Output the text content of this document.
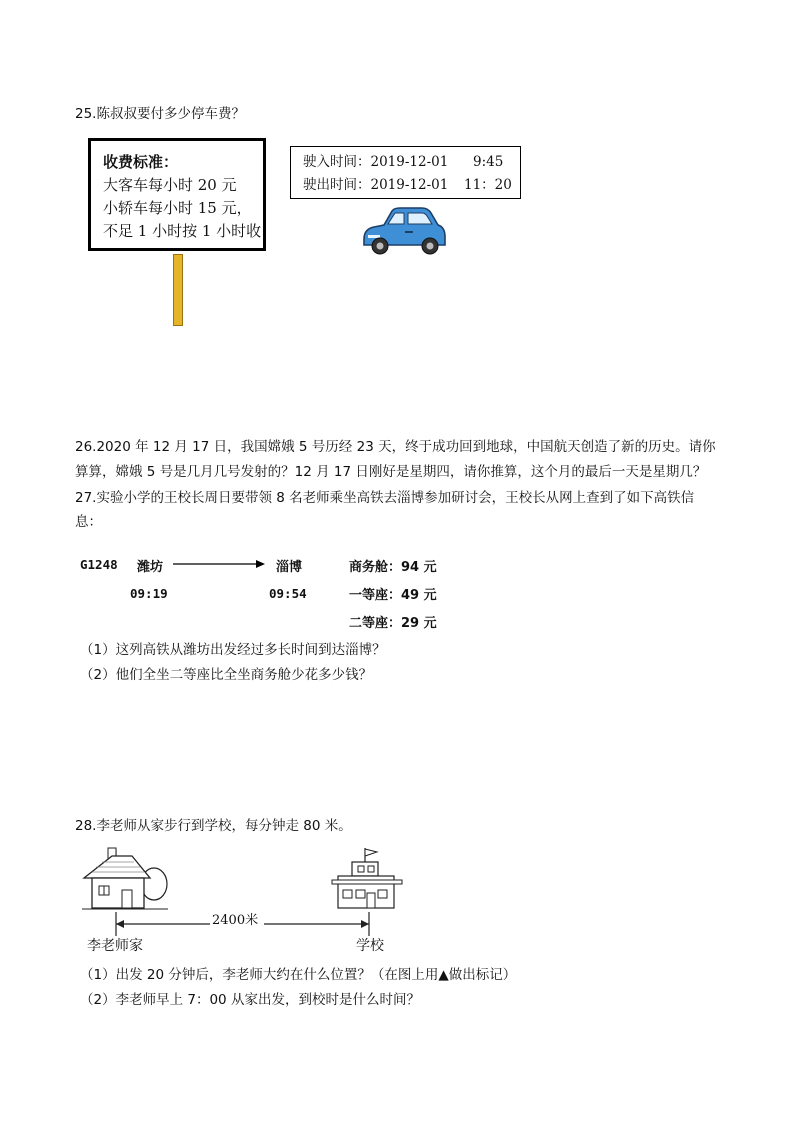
25.陈叔叔要付多少停车费？
收费标准：
大客车每小时 20 元
小轿车每小时 15 元，
不足 1 小时按 1 小时收
驶入时间：2019-12-01 9:45
驶出时间：2019-12-01 11：20
26.2020 年 12 月 17 日，我国嫦娥 5 号历经 23 天，终于成功回到地球，中国航天创造了新的历史。请你
算算，嫦娥 5 号是几月几号发射的？12 月 17 日刚好是星期四，请你推算，这个月的最后一天是星期几？
27.实验小学的王校长周日要带领 8 名老师乘坐高铁去淄博参加研讨会，王校长从网上查到了如下高铁信
息：
G1248 潍坊	淄博
09:19	09:54
商务舱：94 元
一等座：49 元
二等座：29 元
（1）这列高铁从潍坊出发经过多长时间到达淄博？
（2）他们全坐二等座比全坐商务舱少花多少钱？
28.李老师从家步行到学校，每分钟走 80 米。
2400米
李老师家	学校
（1）出发 20 分钟后，李老师大约在什么位置？（在图上用▲做出标记）
（2）李老师早上 7：00 从家出发，到校时是什么时间？
